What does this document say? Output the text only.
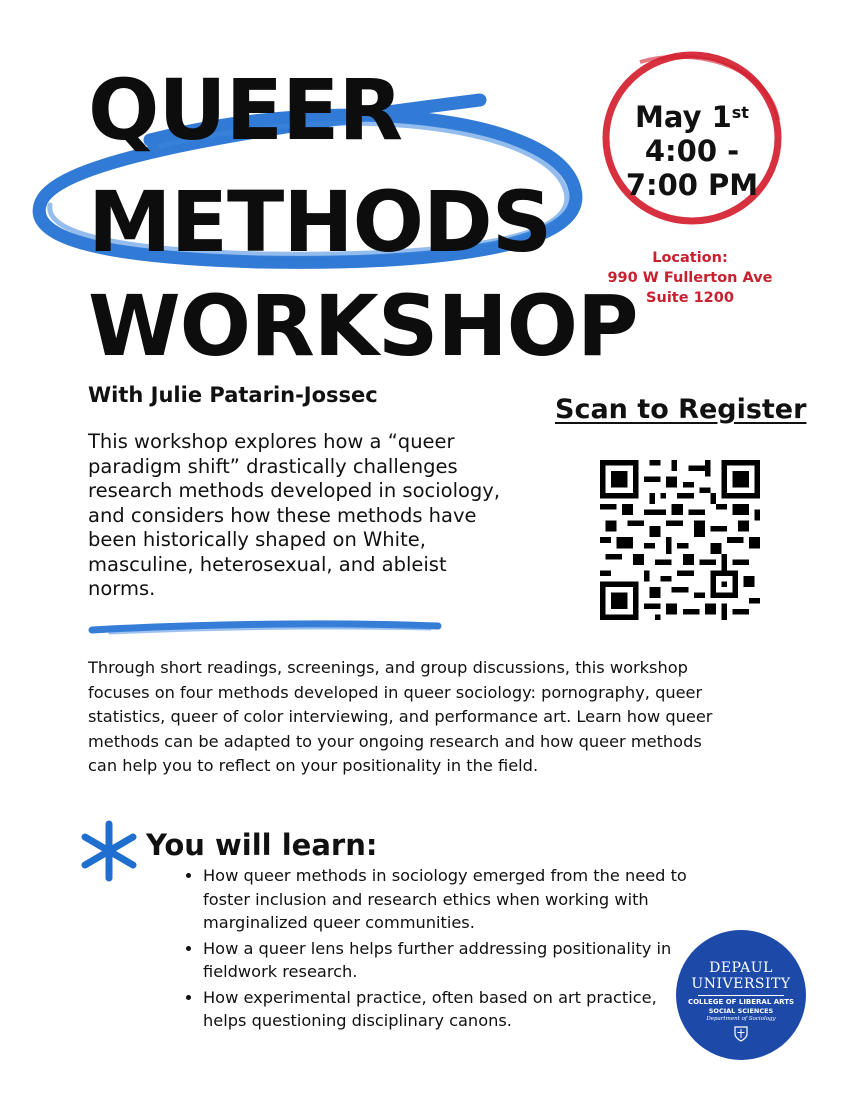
QUEER
METHODS
WORKSHOP
May 1st
4:00 -
7:00 PM
Location:
990 W Fullerton Ave
Suite 1200
With Julie Patarin-Jossec	Scan to Register
This workshop explores how a “queer paradigm shift” drastically challenges research methods developed in sociology, and considers how these methods have been historically shaped on White, masculine, heterosexual, and ableist norms.
Through short readings, screenings, and group discussions, this workshop focuses on four methods developed in queer sociology: pornography, queer statistics, queer of color interviewing, and performance art. Learn how queer methods can be adapted to your ongoing research and how queer methods can help you to reflect on your positionality in the field.
You will learn:
• How queer methods in sociology emerged from the need to foster inclusion and research ethics when working with marginalized queer communities.
• How a queer lens helps further addressing positionality in fieldwork research.
• How experimental practice, often based on art practice, helps questioning disciplinary canons.
DEPAUL
UNIVERSITY
COLLEGE OF LIBERAL ARTS
SOCIAL SCIENCES
Department of Sociology
